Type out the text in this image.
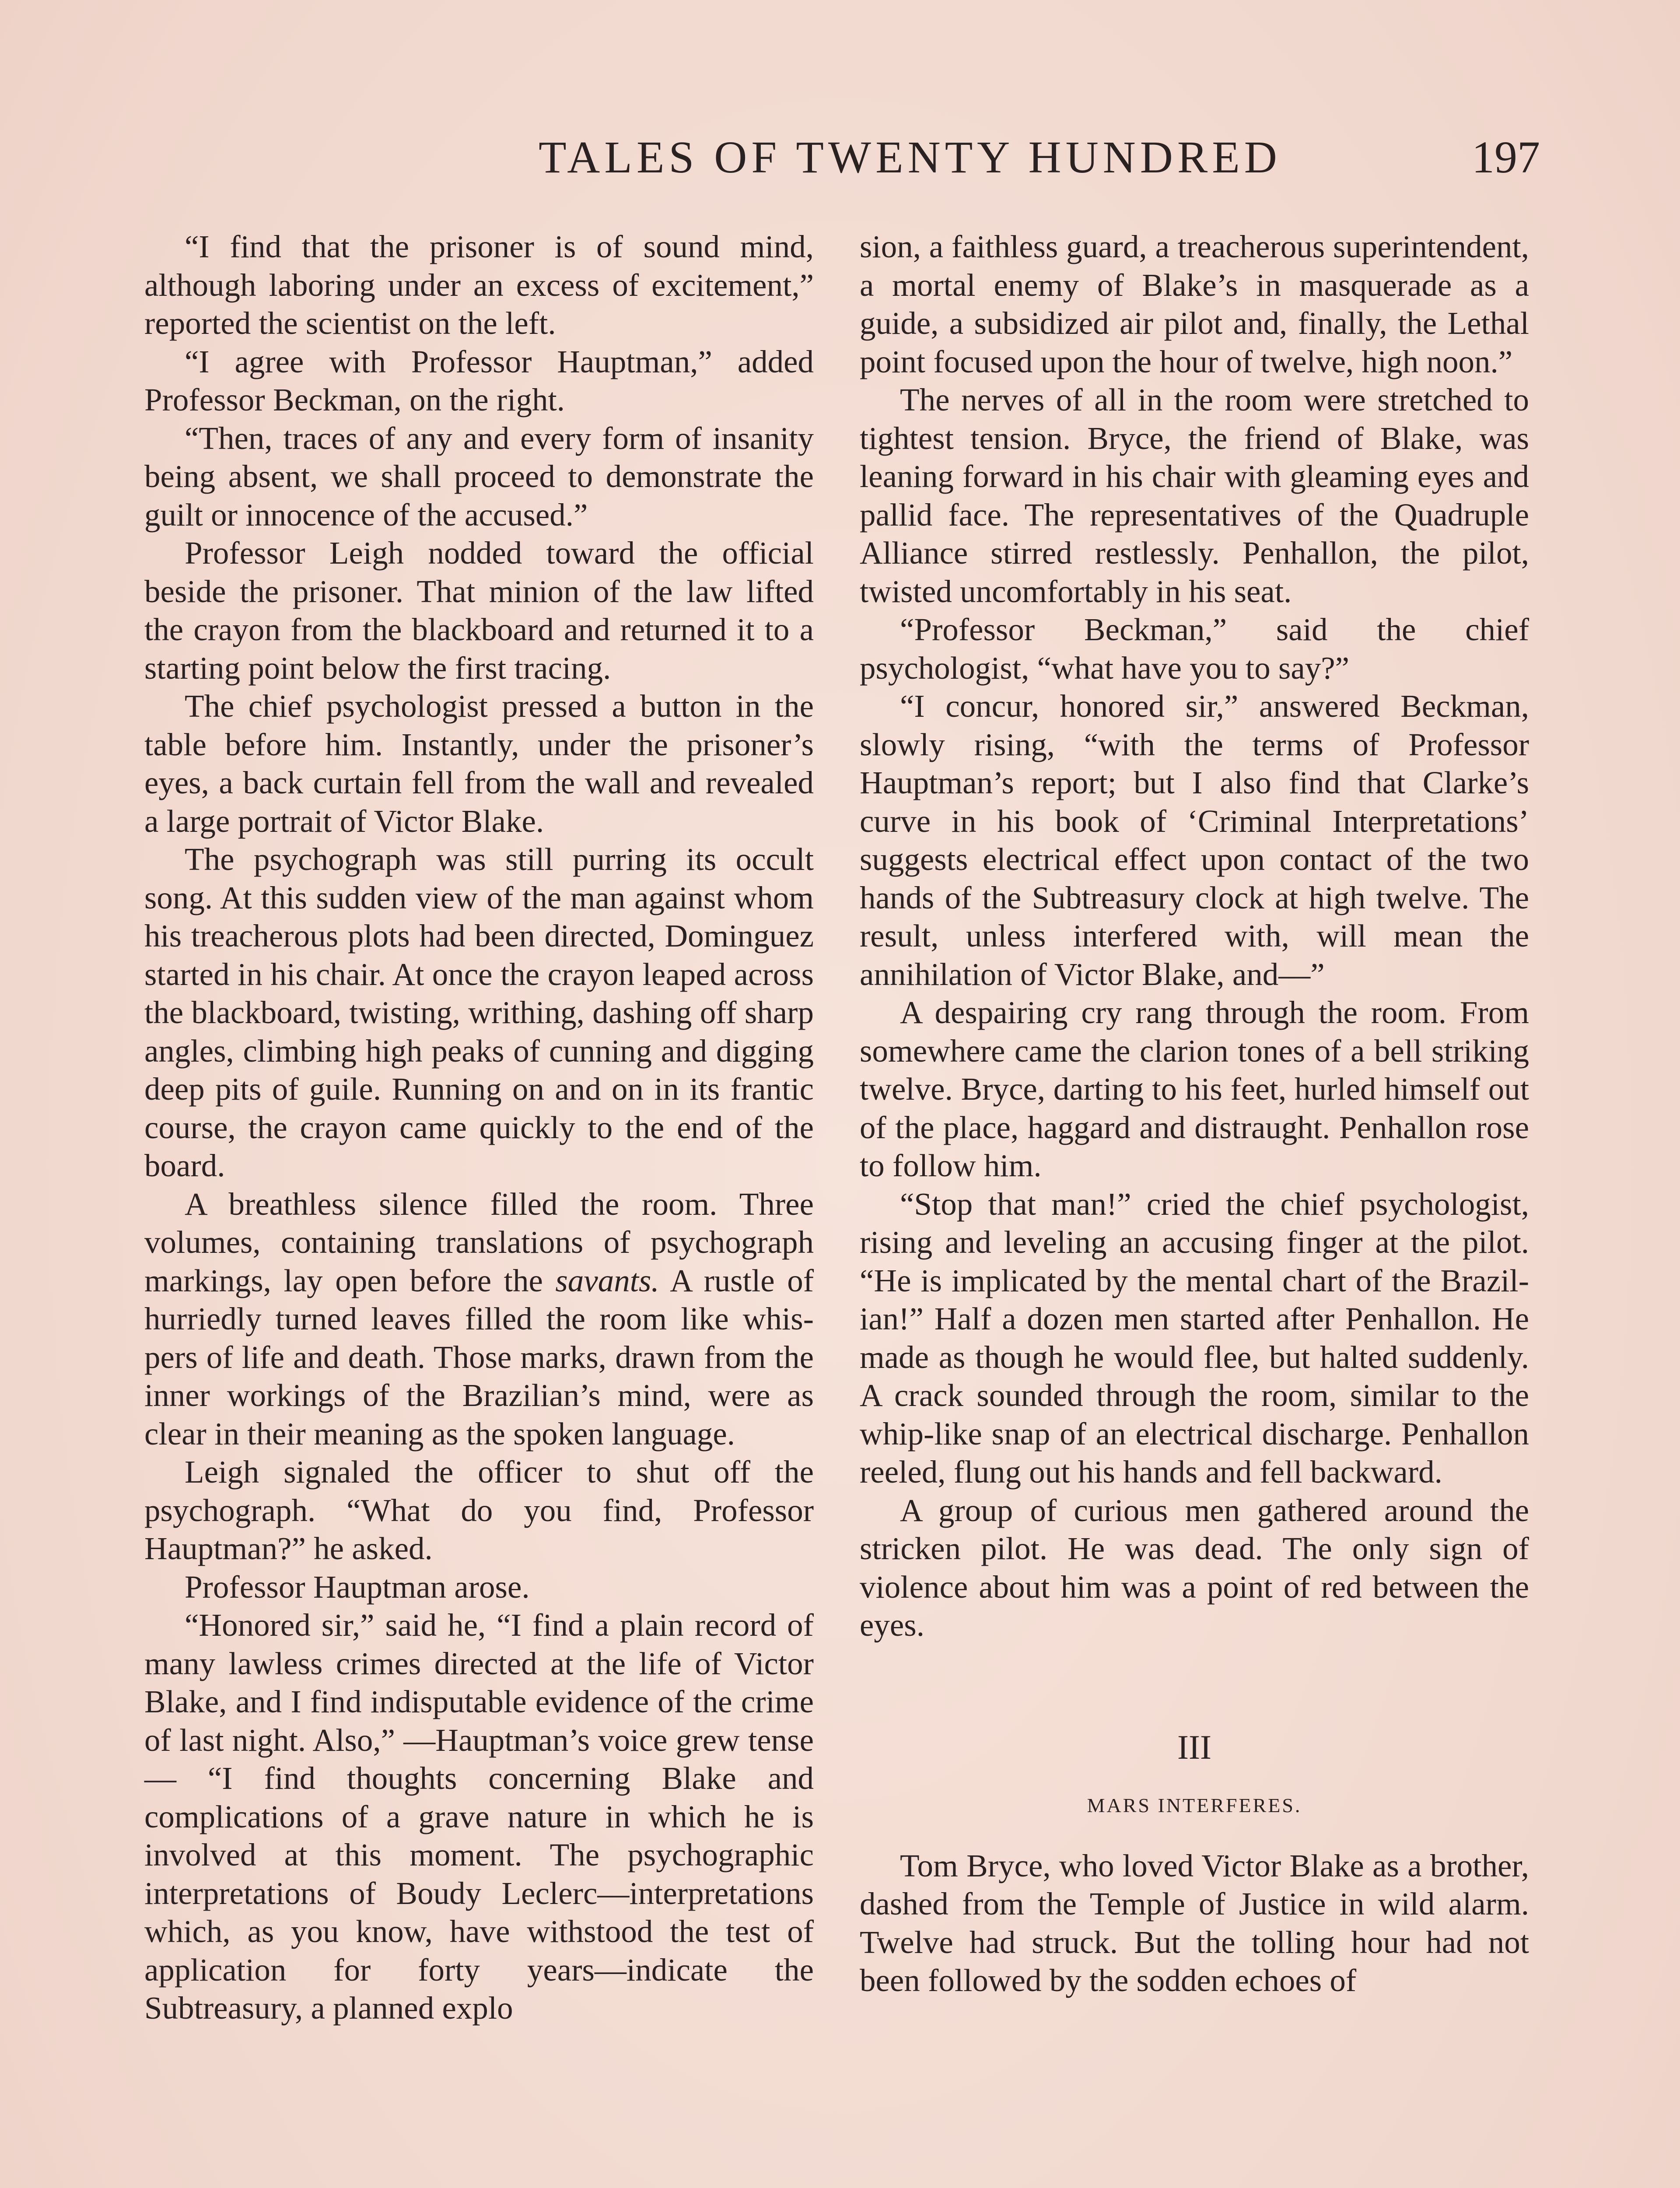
TALES OF TWENTY HUNDRED	197

“I find that the prisoner is of sound mind, although laboring under an excess of excitement,” reported the scientist on the left.

“I agree with Professor Hauptman,” added Professor Beckman, on the right.

“Then, traces of any and every form of insanity being absent, we shall proceed to demonstrate the guilt or innocence of the accused.”

Professor Leigh nodded toward the official beside the prisoner. That minion of the law lifted the crayon from the blackboard and returned it to a starting point below the first tracing.

The chief psychologist pressed a button in the table before him. Instantly, under the prisoner’s eyes, a back curtain fell from the wall and revealed a large portrait of Victor Blake.

The psychograph was still purring its occult song. At this sudden view of the man against whom his treacherous plots had been directed, Dominguez started in his chair. At once the crayon leaped across the blackboard, twisting, writhing, dashing off sharp angles, climbing high peaks of cunning and digging deep pits of guile. Running on and on in its frantic course, the crayon came quickly to the end of the board.

A breathless silence filled the room. Three volumes, containing translations of psychograph markings, lay open before the savants. A rustle of hurriedly turned leaves filled the room like whispers of life and death. Those marks, drawn from the inner workings of the Brazilian’s mind, were as clear in their meaning as the spoken language.

Leigh signaled the officer to shut off the psychograph. “What do you find, Professor Hauptman?” he asked.

Professor Hauptman arose.

“Honored sir,” said he, “I find a plain record of many lawless crimes directed at the life of Victor Blake, and I find indisputable evidence of the crime of last night. Also,” —Hauptman’s voice grew tense— “I find thoughts concerning Blake and complications of a grave nature in which he is involved at this moment. The psychographic interpretations of Boudy Leclerc—interpretations which, as you know, have withstood the test of application for forty years—indicate the Subtreasury, a planned explo

sion, a faithless guard, a treacherous superintendent, a mortal enemy of Blake’s in masquerade as a guide, a subsidized air pilot and, finally, the Lethal point focused upon the hour of twelve, high noon.”

The nerves of all in the room were stretched to tightest tension. Bryce, the friend of Blake, was leaning forward in his chair with gleaming eyes and pallid face. The representatives of the Quadruple Alliance stirred restlessly. Penhallon, the pilot, twisted uncomfortably in his seat.

“Professor Beckman,” said the chief psychologist, “what have you to say?”

“I concur, honored sir,” answered Beckman, slowly rising, “with the terms of Professor Hauptman’s report; but I also find that Clarke’s curve in his book of ‘Criminal Interpretations’ suggests electrical effect upon contact of the two hands of the Subtreasury clock at high twelve. The result, unless interfered with, will mean the annihilation of Victor Blake, and—”

A despairing cry rang through the room. From somewhere came the clarion tones of a bell striking twelve. Bryce, darting to his feet, hurled himself out of the place, haggard and distraught. Penhallon rose to follow him.

“Stop that man!” cried the chief psychologist, rising and leveling an accusing finger at the pilot. “He is implicated by the mental chart of the Brazilian!” Half a dozen men started after Penhallon. He made as though he would flee, but halted suddenly. A crack sounded through the room, similar to the whip-like snap of an electrical discharge. Penhallon reeled, flung out his hands and fell backward.

A group of curious men gathered around the stricken pilot. He was dead. The only sign of violence about him was a point of red between the eyes.

III
MARS INTERFERES.

Tom Bryce, who loved Victor Blake as a brother, dashed from the Temple of Justice in wild alarm. Twelve had struck. But the tolling hour had not been followed by the sodden echoes of
